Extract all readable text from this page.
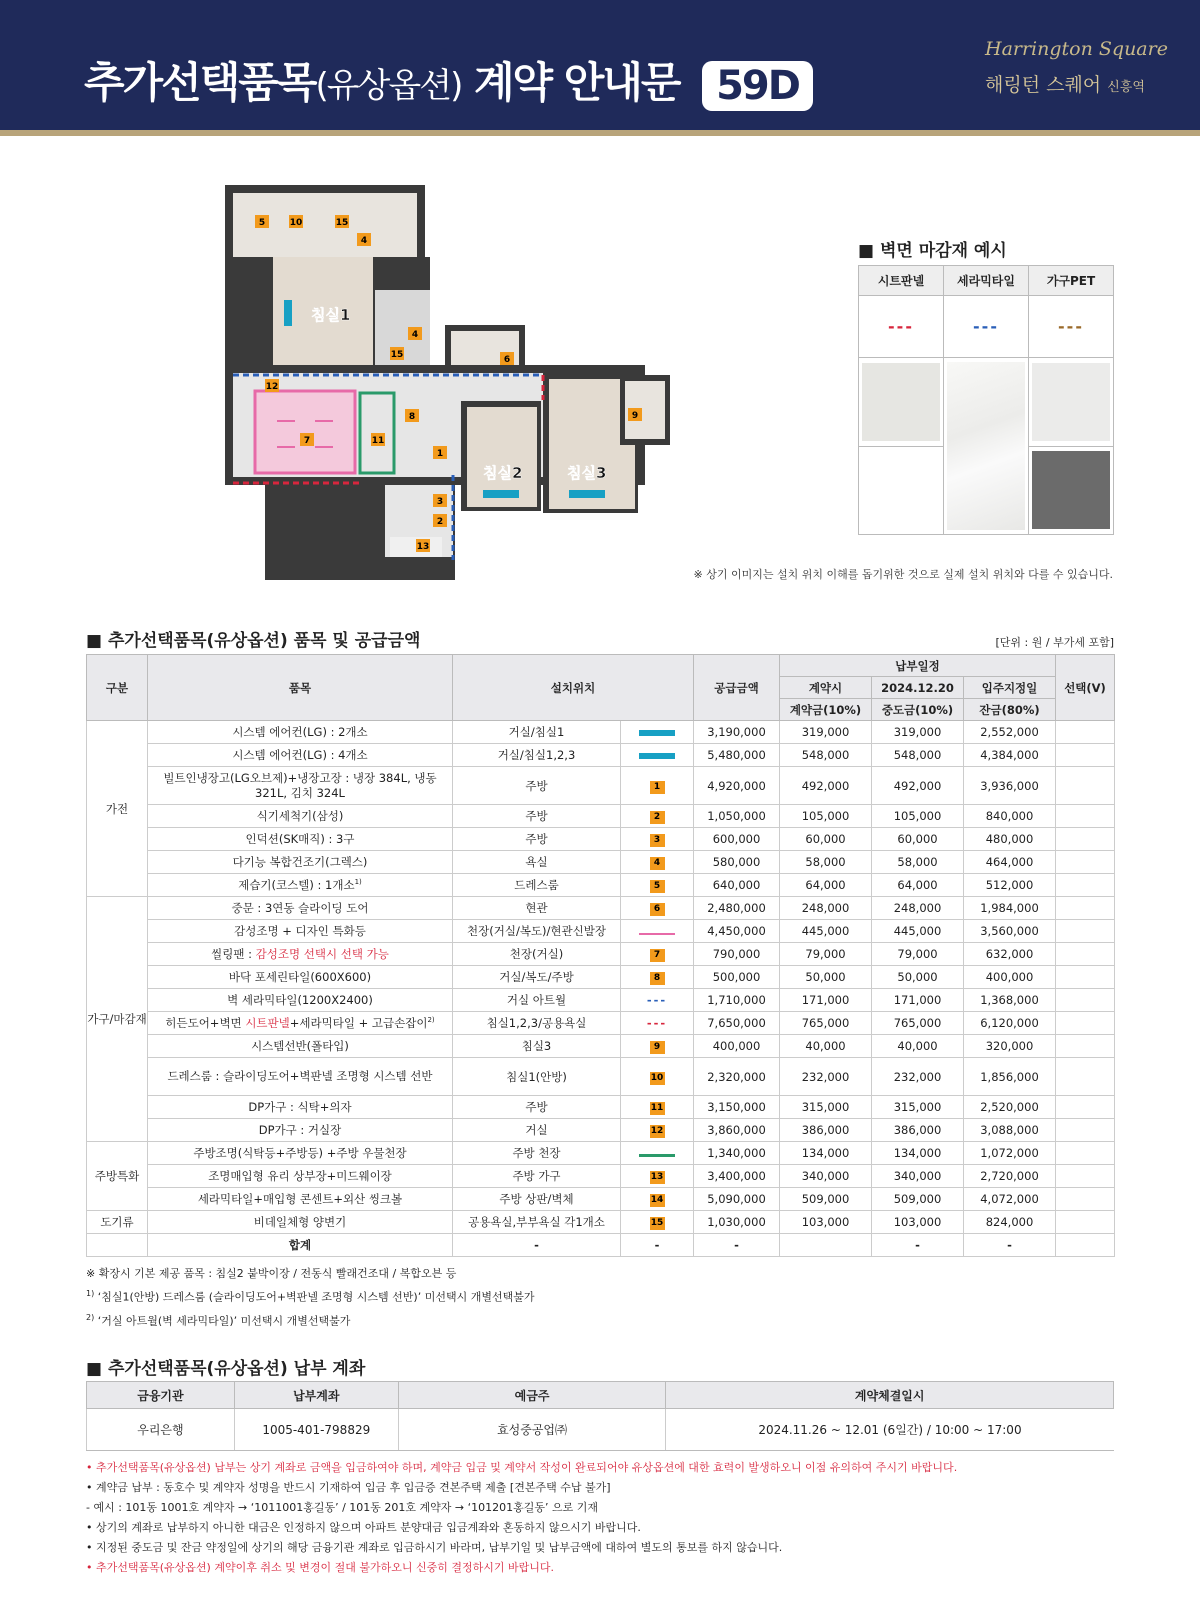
추가선택품목(유상옵션) 계약 안내문 59D
Harrington Square
해링턴 스퀘어 신흥역
침실1
침실2	침실3
5	10	15
4
4
15	6
12
7	11
8
1
9
3
2
13
■ 벽면 마감재 예시
시트판넬	세라믹타일	가구PET
---	---	---

※ 상기 이미지는 설치 위치 이해를 돕기위한 것으로 실제 설치 위치와 다를 수 있습니다.
■ 추가선택품목(유상옵션) 품목 및 공급금액	[단위 : 원 / 부가세 포함]
구분	품목	설치위치		공급금액	납부일정			선택(V)
					계약시	2024.12.20	입주지정일	
					계약금(10%)	중도금(10%)	잔금(80%)	
가전	시스템 에어컨(LG) : 2개소	거실/침실1		3,190,000	319,000	319,000	2,552,000	
	시스템 에어컨(LG) : 4개소	거실/침실1,2,3		5,480,000	548,000	548,000	4,384,000	
	빌트인냉장고(LG오브제)+냉장고장 : 냉장 384L, 냉동 321L, 김치 324L	주방	1	4,920,000	492,000	492,000	3,936,000	
	식기세척기(삼성)	주방	2	1,050,000	105,000	105,000	840,000	
	인덕션(SK매직) : 3구	주방	3	600,000	60,000	60,000	480,000	
	다기능 복합건조기(그렉스)	욕실	4	580,000	58,000	58,000	464,000	
	제습기(코스텔) : 1개소$^{1)}$	드레스룸	5	640,000	64,000	64,000	512,000	
가구/마감재	중문 : 3연동 슬라이딩 도어	현관	6	2,480,000	248,000	248,000	1,984,000	
	감성조명 + 디자인 특화등	천장(거실/복도)/현관신발장		4,450,000	445,000	445,000	3,560,000	
	씰링팬 : 감성조명 선택시 선택 가능	천장(거실)	7	790,000	79,000	79,000	632,000	
	바닥 포세린타일(600X600)	거실/복도/주방	8	500,000	50,000	50,000	400,000	
	벽 세라믹타일(1200X2400)	거실 아트월	---	1,710,000	171,000	171,000	1,368,000	
	히든도어+벽면 시트판넬+세라믹타일 + 고급손잡이$^{2)}$	침실1,2,3/공용욕실	---	7,650,000	765,000	765,000	6,120,000	
	시스템선반(폴타입)	침실3	9	400,000	40,000	40,000	320,000	
	드레스룸 : 슬라이딩도어+벽판넬 조명형 시스템 선반	침실1(안방)	10	2,320,000	232,000	232,000	1,856,000	
	DP가구 : 식탁+의자	주방	11	3,150,000	315,000	315,000	2,520,000	
	DP가구 : 거실장	거실	12	3,860,000	386,000	386,000	3,088,000	
주방특화	주방조명(식탁등+주방등) +주방 우물천장	주방 천장		1,340,000	134,000	134,000	1,072,000	
	조명매입형 유리 상부장+미드웨이장	주방 가구	13	3,400,000	340,000	340,000	2,720,000	
	세라믹타일+매입형 콘센트+외산 씽크볼	주방 상판/벽체	14	5,090,000	509,000	509,000	4,072,000	
도기류	비데일체형 양변기	공용욕실,부부욕실 각1개소	15	1,030,000	103,000	103,000	824,000	
	합계	-	-	-		-	-	
※ 확장시 기본 제공 품목 : 침실2 붙박이장 / 전동식 빨래건조대 / 복합오븐 등
$^{1)}$ ‘침실1(안방) 드레스룸 (슬라이딩도어+벽판넬 조명형 시스템 선반)’ 미선택시 개별선택불가
$^{2)}$ ‘거실 아트월(벽 세라믹타일)’ 미선택시 개별선택불가
■ 추가선택품목(유상옵션) 납부 계좌
금융기관	납부계좌	예금주	계약체결일시
우리은행	1005-401-798829	효성중공업㈜	2024.11.26 ~ 12.01 (6일간) / 10:00 ~ 17:00
• 추가선택품목(유상옵션) 납부는 상기 계좌로 금액을 입금하여야 하며, 계약금 입금 및 계약서 작성이 완료되어야 유상옵션에 대한 효력이 발생하오니 이점 유의하여 주시기 바랍니다.
• 계약금 납부 : 동호수 및 계약자 성명을 반드시 기재하여 입금 후 입금증 견본주택 제출 [견본주택 수납 불가]
- 예시 : 101동 1001호 계약자 → ‘1011001홍길동’ / 101동 201호 계약자 → ‘101201홍길동’ 으로 기재
• 상기의 계좌로 납부하지 아니한 대금은 인정하지 않으며 아파트 분양대금 입금계좌와 혼동하지 않으시기 바랍니다.
• 지정된 중도금 및 잔금 약정일에 상기의 해당 금융기관 계좌로 입금하시기 바라며, 납부기일 및 납부금액에 대하여 별도의 통보를 하지 않습니다.
• 추가선택품목(유상옵션) 계약이후 취소 및 변경이 절대 불가하오니 신중히 결정하시기 바랍니다.
